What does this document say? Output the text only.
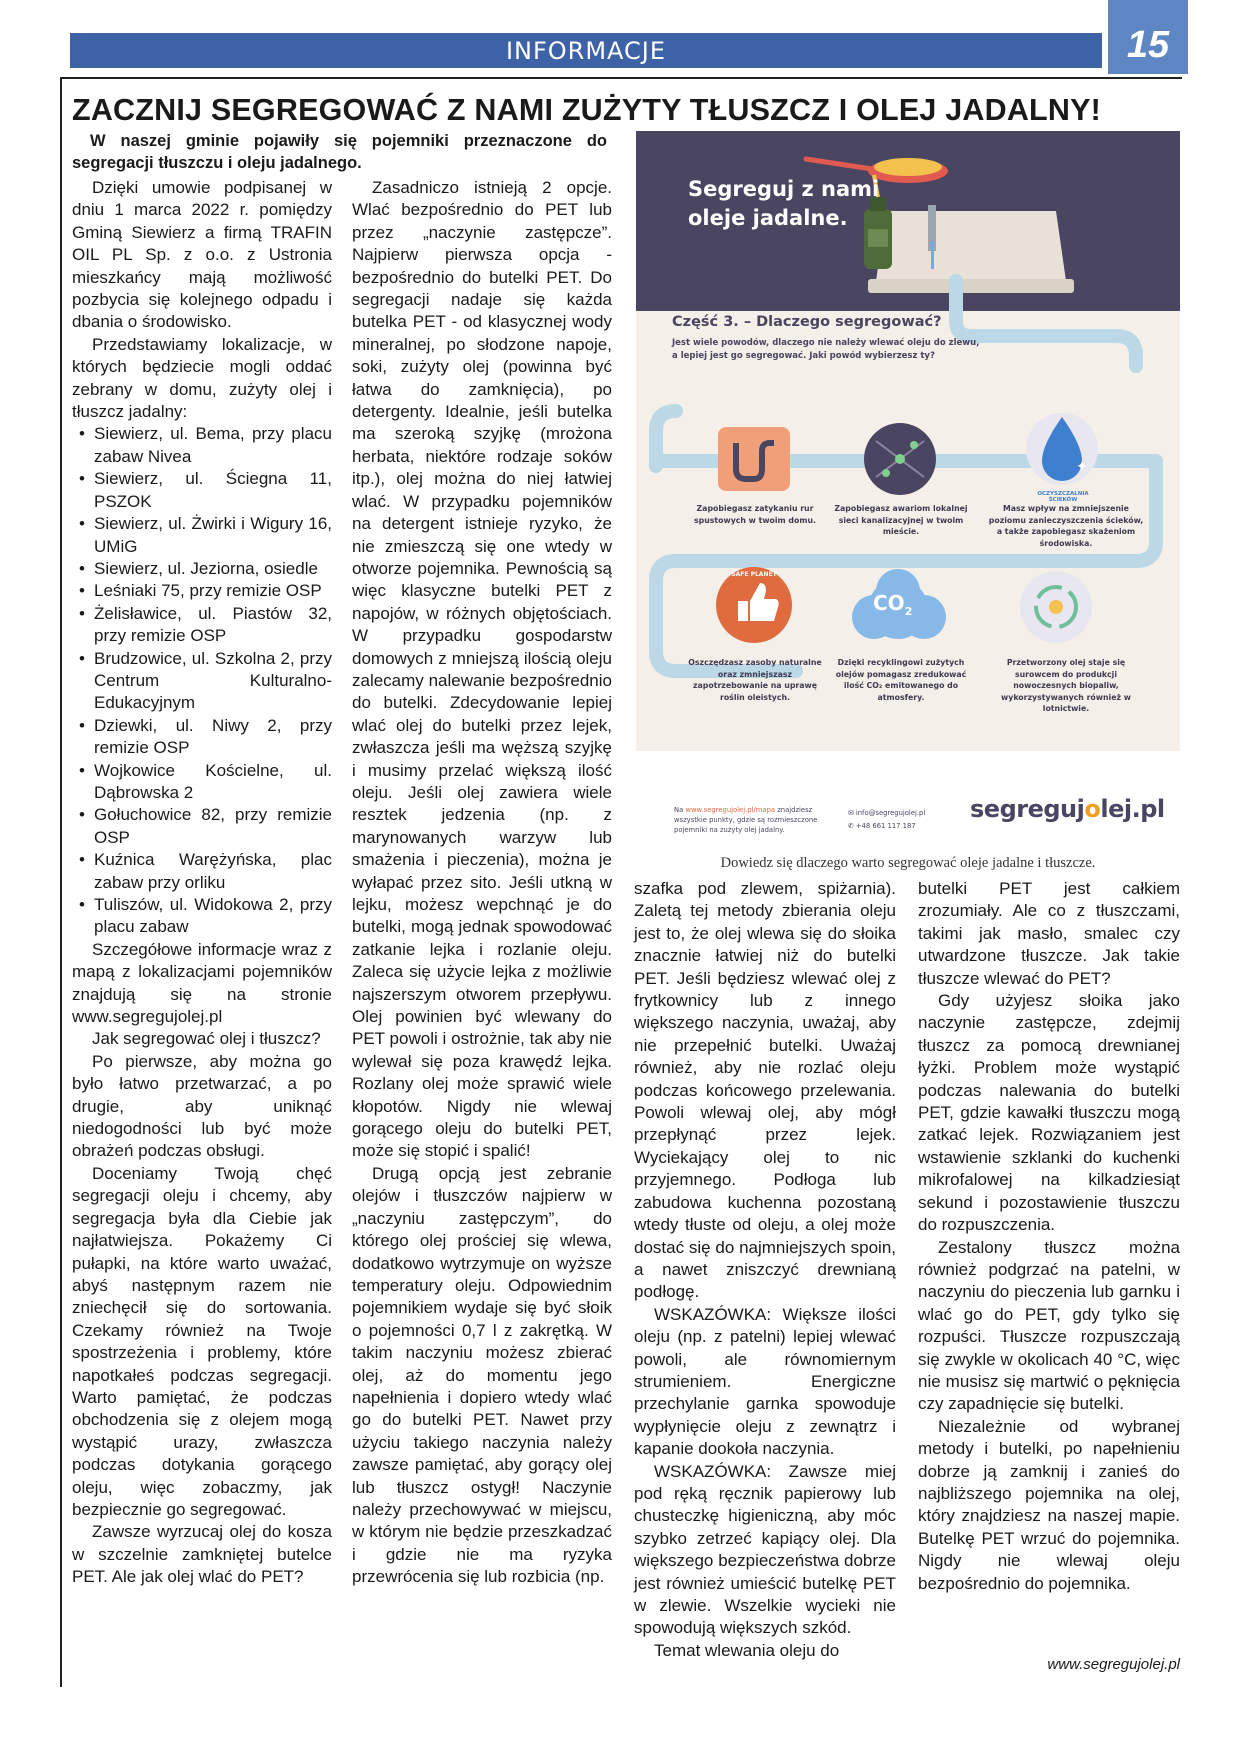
INFORMACJE	15
ZACZNIJ SEGREGOWAĆ Z NAMI ZUŻYTY TŁUSZCZ I OLEJ JADALNY!

W naszej gminie pojawiły się pojemniki przeznaczone do segregacji tłuszczu i oleju jadalnego.

Dzięki umowie podpisanej w dniu 1 marca 2022 r. pomiędzy Gminą Siewierz a firmą TRAFIN OIL PL Sp. z o.o. z Ustronia mieszkańcy mają możliwość pozbycia się kolejnego odpadu i dbania o środowisko.

Przedstawiamy lokalizacje, w których będziecie mogli oddać zebrany w domu, zużyty olej i tłuszcz jadalny:

• Siewierz, ul. Bema, przy placu zabaw Nivea
• Siewierz, ul. Ściegna 11, PSZOK
• Siewierz, ul. Żwirki i Wigury 16, UMiG
• Siewierz, ul. Jeziorna, osiedle
• Leśniaki 75, przy remizie OSP
• Żelisławice, ul. Piastów 32, przy remizie OSP
• Brudzowice, ul. Szkolna 2, przy Centrum Kulturalno-Edukacyjnym
• Dziewki, ul. Niwy 2, przy remizie OSP
• Wojkowice Kościelne, ul. Dąbrowska 2
• Gołuchowice 82, przy remizie OSP
• Kuźnica Warężyńska, plac zabaw przy orliku
• Tuliszów, ul. Widokowa 2, przy placu zabaw

Szczegółowe informacje wraz z mapą z lokalizacjami pojemników znajdują się na stronie www.segregujolej.pl

Jak segregować olej i tłuszcz?

Po pierwsze, aby można go było łatwo przetwarzać, a po drugie, aby uniknąć niedogodności lub być może obrażeń podczas obsługi.

Doceniamy Twoją chęć segregacji oleju i chcemy, aby segregacja była dla Ciebie jak najłatwiejsza. Pokażemy Ci pułapki, na które warto uważać, abyś następnym razem nie zniechęcił się do sortowania. Czekamy również na Twoje spostrzeżenia i problemy, które napotkałeś podczas segregacji. Warto pamiętać, że podczas obchodzenia się z olejem mogą wystąpić urazy, zwłaszcza podczas dotykania gorącego oleju, więc zobaczmy, jak bezpiecznie go segregować.

Zawsze wyrzucaj olej do kosza w szczelnie zamkniętej butelce PET. Ale jak olej wlać do PET?

Zasadniczo istnieją 2 opcje. Wlać bezpośrednio do PET lub przez „naczynie zastępcze”. Najpierw pierwsza opcja - bezpośrednio do butelki PET. Do segregacji nadaje się każda butelka PET - od klasycznej wody mineralnej, po słodzone napoje, soki, zużyty olej (powinna być łatwa do zamknięcia), po detergenty. Idealnie, jeśli butelka ma szeroką szyjkę (mrożona herbata, niektóre rodzaje soków itp.), olej można do niej łatwiej wlać. W przypadku pojemników na detergent istnieje ryzyko, że nie zmieszczą się one wtedy w otworze pojemnika. Pewnością są więc klasyczne butelki PET z napojów, w różnych objętościach. W przypadku gospodarstw domowych z mniejszą ilością oleju zalecamy nalewanie bezpośrednio do butelki. Zdecydowanie lepiej wlać olej do butelki przez lejek, zwłaszcza jeśli ma węższą szyjkę i musimy przelać większą ilość oleju. Jeśli olej zawiera wiele resztek jedzenia (np. z marynowanych warzyw lub smażenia i pieczenia), można je wyłapać przez sito. Jeśli utkną w lejku, możesz wepchnąć je do butelki, mogą jednak spowodować zatkanie lejka i rozlanie oleju. Zaleca się użycie lejka z możliwie najszerszym otworem przepływu. Olej powinien być wlewany do PET powoli i ostrożnie, tak aby nie wylewał się poza krawędź lejka. Rozlany olej może sprawić wiele kłopotów. Nigdy nie wlewaj gorącego oleju do butelki PET, może się stopić i spalić!

Drugą opcją jest zebranie olejów i tłuszczów najpierw w „naczyniu zastępczym”, do którego olej prościej się wlewa, dodatkowo wytrzymuje on wyższe temperatury oleju. Odpowiednim pojemnikiem wydaje się być słoik o pojemności 0,7 l z zakrętką. W takim naczyniu możesz zbierać olej, aż do momentu jego napełnienia i dopiero wtedy wlać go do butelki PET. Nawet przy użyciu takiego naczynia należy zawsze pamiętać, aby gorący olej lub tłuszcz ostygł! Naczynie należy przechowywać w miejscu, w którym nie będzie przeszkadzać i gdzie nie ma ryzyka przewrócenia się lub rozbicia (np.

✦
Segreguj z nami oleje jadalne.
Część 3. – Dlaczego segregować?
Jest wiele powodów, dlaczego nie należy wlewać oleju do zlewu, a lepiej jest go segregować. Jaki powód wybierzesz ty?
$CO_2$
SAFE PLANET
OCZYSZCZALNIA ŚCIEKÓW
Zapobiegasz zatykaniu rur spustowych w twoim domu.
Zapobiegasz awariom lokalnej sieci kanalizacyjnej w twoim mieście.
Masz wpływ na zmniejszenie poziomu zanieczyszczenia ścieków, a także zapobiegasz skażeniom środowiska.
Oszczędzasz zasoby naturalne oraz zmniejszasz zapotrzebowanie na uprawę roślin oleistych.
Dzięki recyklingowi zużytych olejów pomagasz zredukować ilość CO₂ emitowanego do atmosfery.
Przetworzony olej staje się surowcem do produkcji nowoczesnych biopaliw, wykorzystywanych również w lotnictwie.
Na www.segregujolej.pl/mapa znajdziesz wszystkie punkty, gdzie są rozmieszczone pojemniki na zużyty olej jadalny.
✉ info@segregujolej.pl
✆ +48 661 117 187
segregujolej.pl
Dowiedz się dlaczego warto segregować oleje jadalne i tłuszcze.

szafka pod zlewem, spiżarnia). Zaletą tej metody zbierania oleju jest to, że olej wlewa się do słoika znacznie łatwiej niż do butelki PET. Jeśli będziesz wlewać olej z frytkownicy lub z innego większego naczynia, uważaj, aby nie przepełnić butelki. Uważaj również, aby nie rozlać oleju podczas końcowego przelewania. Powoli wlewaj olej, aby mógł przepłynąć przez lejek. Wyciekający olej to nic przyjemnego. Podłoga lub zabudowa kuchenna pozostaną wtedy tłuste od oleju, a olej może dostać się do najmniejszych spoin, a nawet zniszczyć drewnianą podłogę.

WSKAZÓWKA: Większe ilości oleju (np. z patelni) lepiej wlewać powoli, ale równomiernym strumieniem. Energiczne przechylanie garnka spowoduje wypłynięcie oleju z zewnątrz i kapanie dookoła naczynia.

WSKAZÓWKA: Zawsze miej pod ręką ręcznik papierowy lub chusteczkę higieniczną, aby móc szybko zetrzeć kapiący olej. Dla większego bezpieczeństwa dobrze jest również umieścić butelkę PET w zlewie. Wszelkie wycieki nie spowodują większych szkód.

Temat wlewania oleju do

butelki PET jest całkiem zrozumiały. Ale co z tłuszczami, takimi jak masło, smalec czy utwardzone tłuszcze. Jak takie tłuszcze wlewać do PET?

Gdy użyjesz słoika jako naczynie zastępcze, zdejmij tłuszcz za pomocą drewnianej łyżki. Problem może wystąpić podczas nalewania do butelki PET, gdzie kawałki tłuszczu mogą zatkać lejek. Rozwiązaniem jest wstawienie szklanki do kuchenki mikrofalowej na kilkadziesiąt sekund i pozostawienie tłuszczu do rozpuszczenia.

Zestalony tłuszcz można również podgrzać na patelni, w naczyniu do pieczenia lub garnku i wlać go do PET, gdy tylko się rozpuści. Tłuszcze rozpuszczają się zwykle w okolicach 40 °C, więc nie musisz się martwić o pęknięcia czy zapadnięcie się butelki.

Niezależnie od wybranej metody i butelki, po napełnieniu dobrze ją zamknij i zanieś do najbliższego pojemnika na olej, który znajdziesz na naszej mapie. Butelkę PET wrzuć do pojemnika. Nigdy nie wlewaj oleju bezpośrednio do pojemnika.

www.segregujolej.pl
